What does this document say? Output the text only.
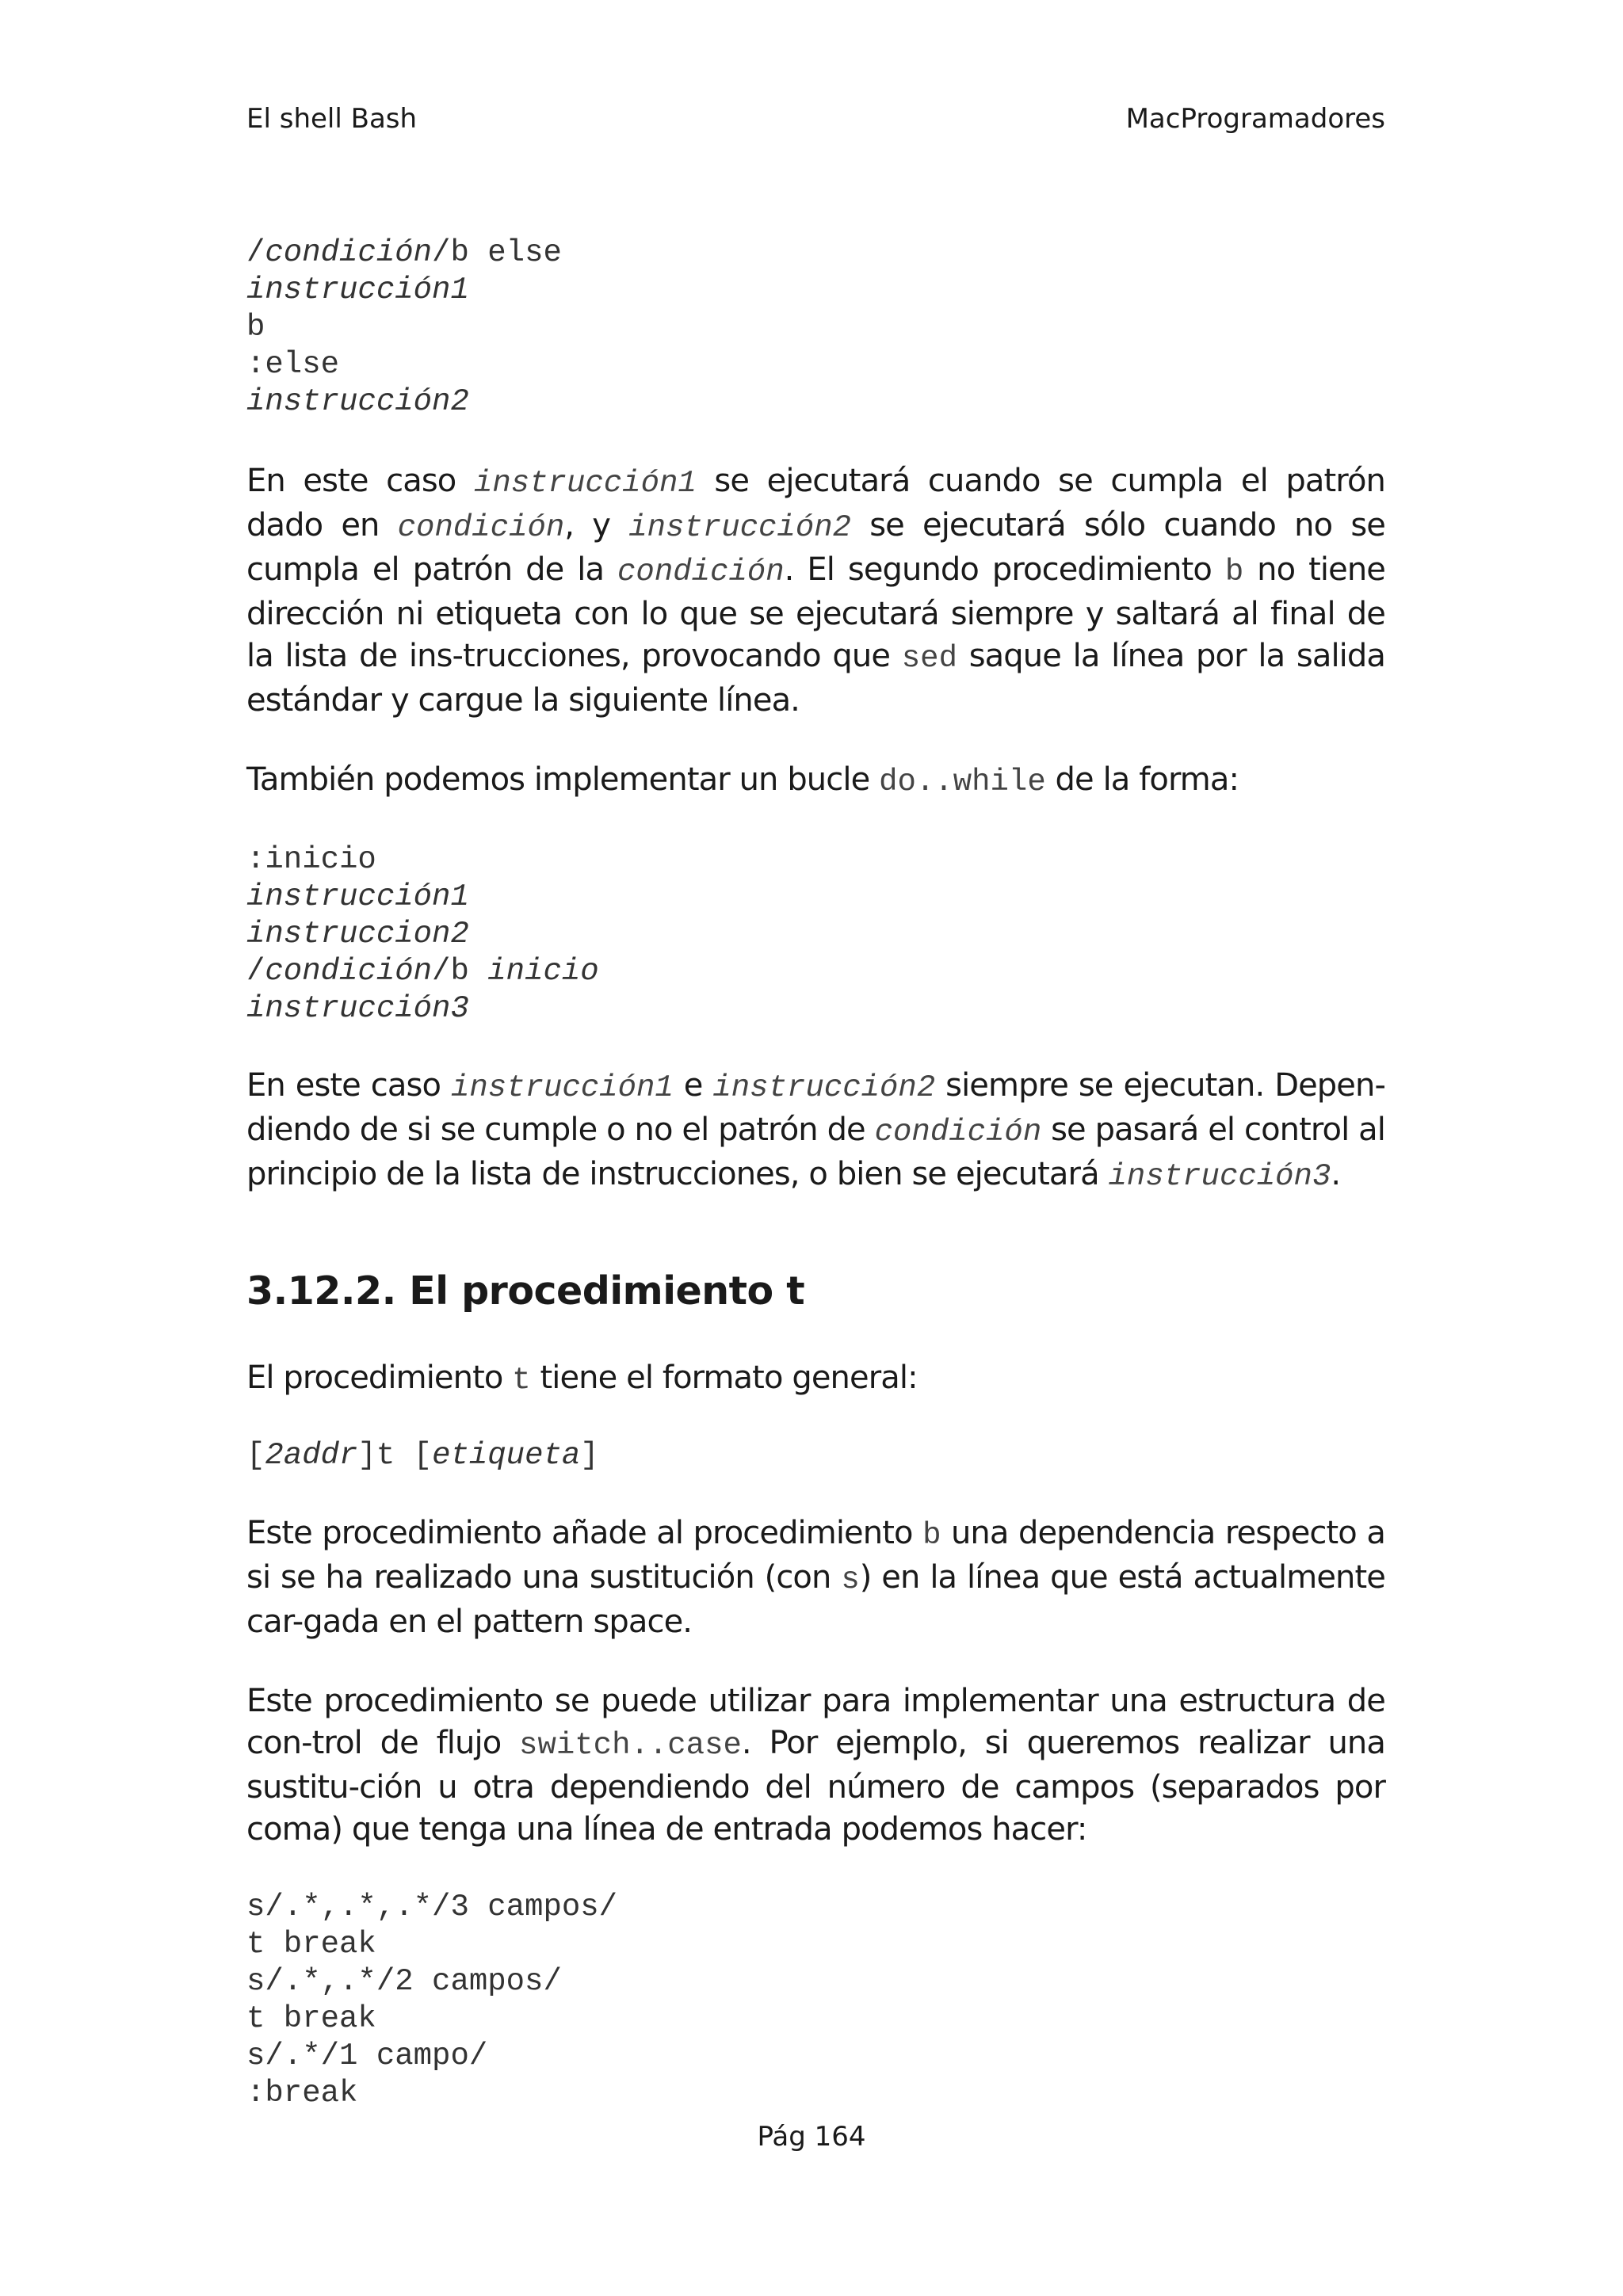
El shell Bash	MacProgramadores
/condición/b else
instrucción1
b
:else
instrucción2
En este caso instrucción1 se ejecutará cuando se cumpla el patrón dado en condición, y instrucción2 se ejecutará sólo cuando no se cumpla el patrón de la condición. El segundo procedimiento b no tiene dirección ni etiqueta con lo que se ejecutará siempre y saltará al final de la lista de ins-trucciones, provocando que sed saque la línea por la salida estándar y cargue la siguiente línea.
También podemos implementar un bucle do..while de la forma:
:inicio
instrucción1
instruccion2
/condición/b inicio
instrucción3
En este caso instrucción1 e instrucción2 siempre se ejecutan. Depen-diendo de si se cumple o no el patrón de condición se pasará el control al principio de la lista de instrucciones, o bien se ejecutará instrucción3.
3.12.2. El procedimiento t
El procedimiento t tiene el formato general:
[2addr]t [etiqueta]
Este procedimiento añade al procedimiento b una dependencia respecto a si se ha realizado una sustitución (con s) en la línea que está actualmente car-gada en el pattern space.
Este procedimiento se puede utilizar para implementar una estructura de con-trol de flujo switch..case. Por ejemplo, si queremos realizar una sustitu-ción u otra dependiendo del número de campos (separados por coma) que tenga una línea de entrada podemos hacer:
s/.*,.*,.*/3 campos/
t break
s/.*,.*/2 campos/
t break
s/.*/1 campo/
:break
Pág 164
